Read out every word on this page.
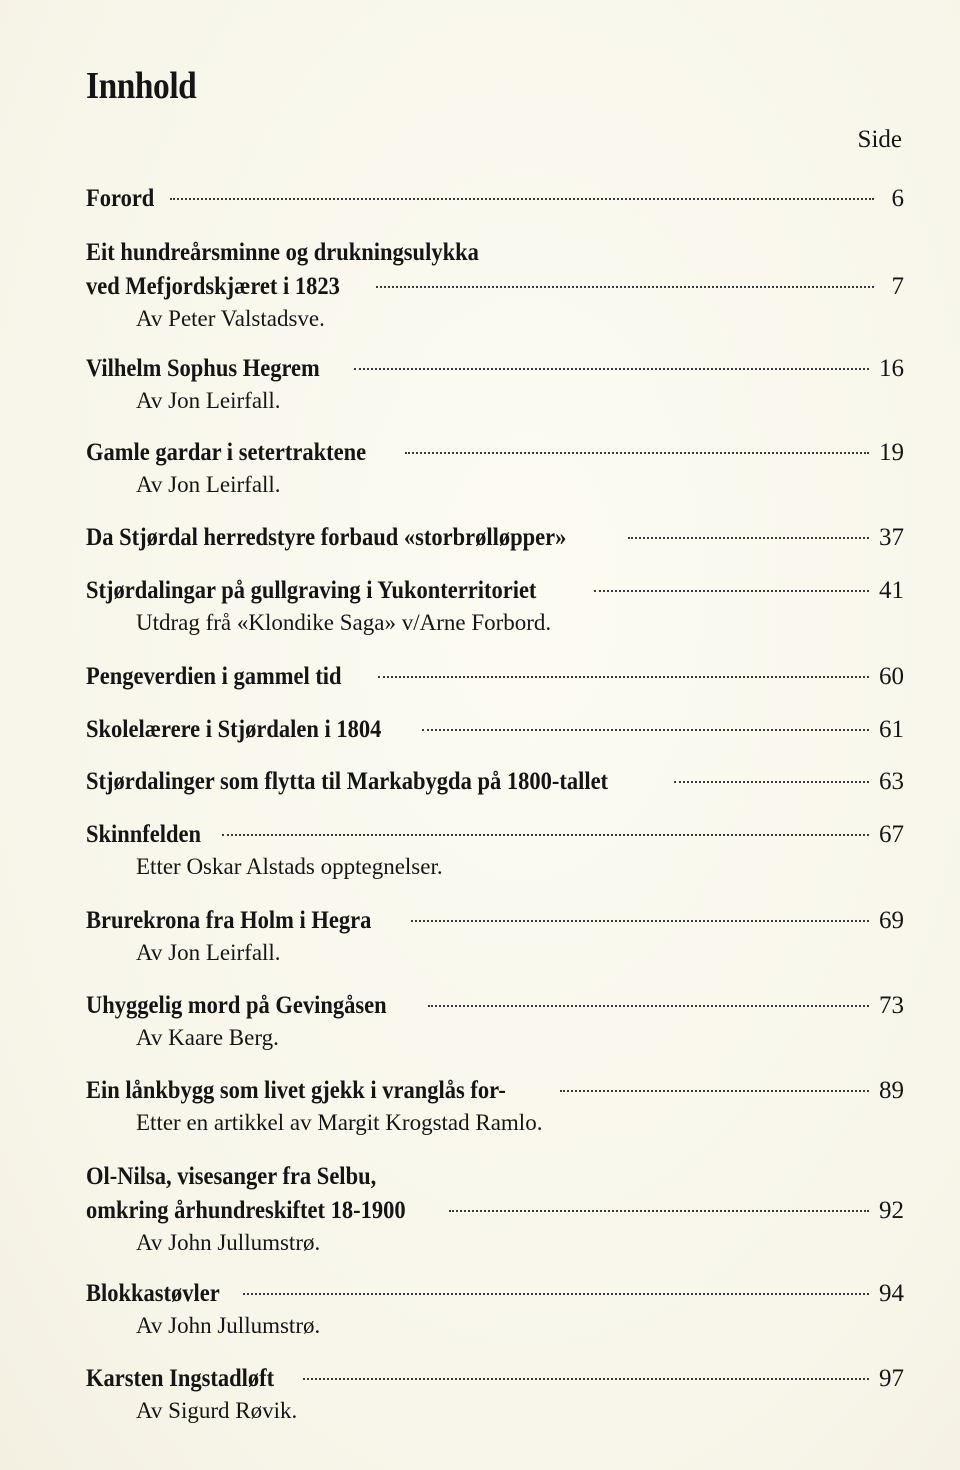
Innhold
Side
Forord	6
Eit hundreårsminne og drukningsulykka
ved Mefjordskjæret i 1823	7
Av Peter Valstadsve.
Vilhelm Sophus Hegrem	16
Av Jon Leirfall.
Gamle gardar i setertraktene	19
Av Jon Leirfall.
Da Stjørdal herredstyre forbaud «storbrølløpper»	37
Stjørdalingar på gullgraving i Yukonterritoriet	41
Utdrag frå «Klondike Saga» v/Arne Forbord.
Pengeverdien i gammel tid	60
Skolelærere i Stjørdalen i 1804	61
Stjørdalinger som flytta til Markabygda på 1800-tallet	63
Skinnfelden	67
Etter Oskar Alstads opptegnelser.
Brurekrona fra Holm i Hegra	69
Av Jon Leirfall.
Uhyggelig mord på Gevingåsen	73
Av Kaare Berg.
Ein lånkbygg som livet gjekk i vranglås for-	89
Etter en artikkel av Margit Krogstad Ramlo.
Ol-Nilsa, visesanger fra Selbu,
omkring århundreskiftet 18-1900	92
Av John Jullumstrø.
Blokkastøvler	94
Av John Jullumstrø.
Karsten Ingstadløft	97
Av Sigurd Røvik.
